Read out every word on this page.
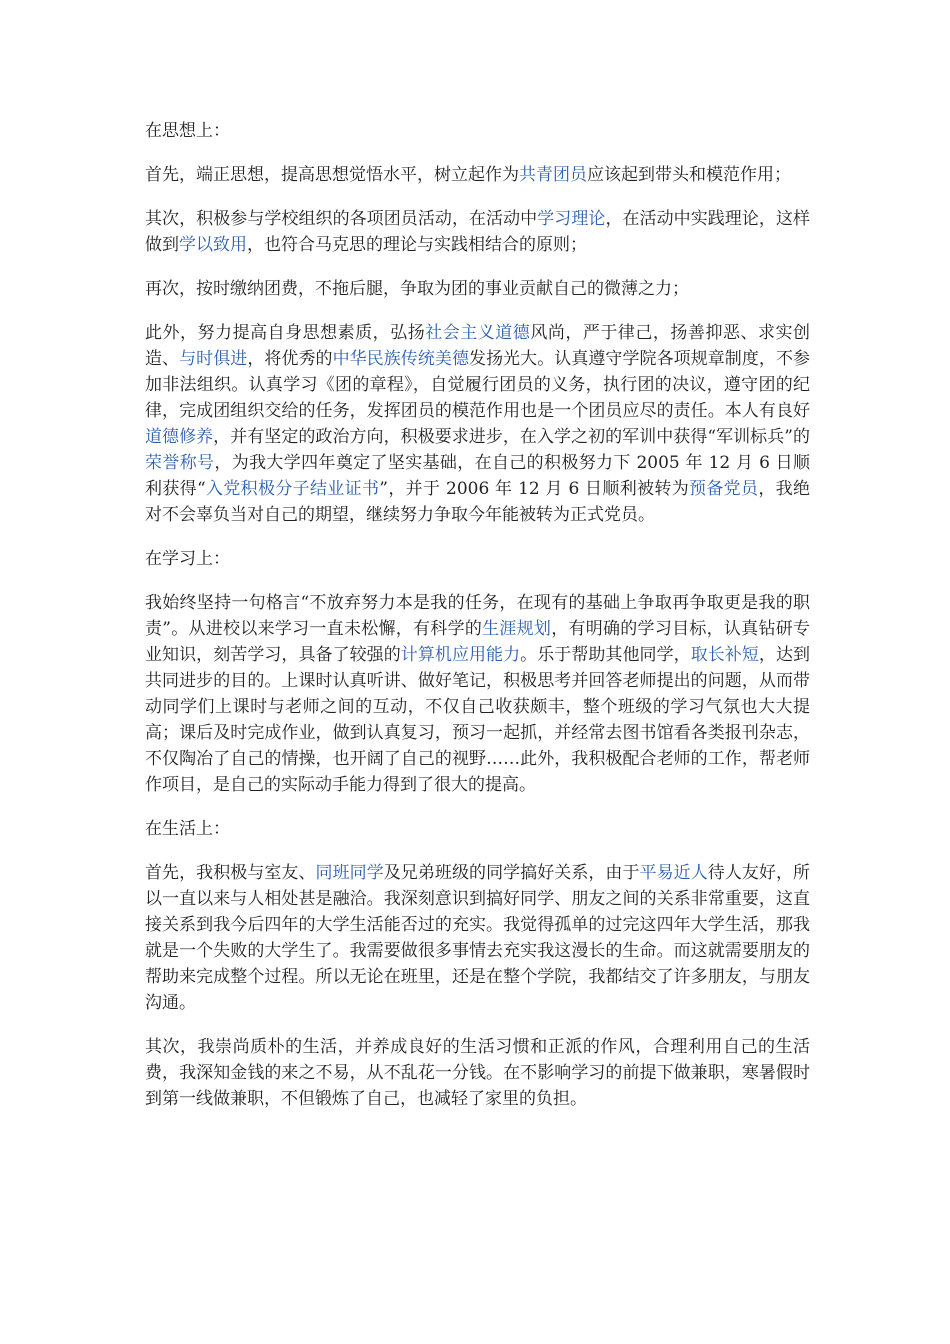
在思想上：

首先，端正思想，提高思想觉悟水平，树立起作为共青团员应该起到带头和模范作用；

其次，积极参与学校组织的各项团员活动，在活动中学习理论，在活动中实践理论，这样做到学以致用，也符合马克思的理论与实践相结合的原则；

再次，按时缴纳团费，不拖后腿，争取为团的事业贡献自己的微薄之力；

此外，努力提高自身思想素质，弘扬社会主义道德风尚，严于律己，扬善抑恶、求实创造、与时俱进，将优秀的中华民族传统美德发扬光大。认真遵守学院各项规章制度，不参加非法组织。认真学习《团的章程》，自觉履行团员的义务，执行团的决议，遵守团的纪律，完成团组织交给的任务，发挥团员的模范作用也是一个团员应尽的责任。本人有良好道德修养，并有坚定的政治方向，积极要求进步，在入学之初的军训中获得“军训标兵”的荣誉称号，为我大学四年奠定了坚实基础，在自己的积极努力下 2005 年 12 月 6 日顺利获得“入党积极分子结业证书”，并于 2006 年 12 月 6 日顺利被转为预备党员，我绝对不会辜负当对自己的期望，继续努力争取今年能被转为正式党员。

在学习上：

我始终坚持一句格言“不放弃努力本是我的任务，在现有的基础上争取再争取更是我的职责”。从进校以来学习一直未松懈，有科学的生涯规划，有明确的学习目标，认真钻研专业知识，刻苦学习，具备了较强的计算机应用能力。乐于帮助其他同学，取长补短，达到共同进步的目的。上课时认真听讲、做好笔记，积极思考并回答老师提出的问题，从而带动同学们上课时与老师之间的互动，不仅自己收获颇丰，整个班级的学习气氛也大大提高；课后及时完成作业，做到认真复习，预习一起抓，并经常去图书馆看各类报刊杂志，不仅陶冶了自己的情操，也开阔了自己的视野……此外，我积极配合老师的工作，帮老师作项目，是自己的实际动手能力得到了很大的提高。

在生活上：

首先，我积极与室友、同班同学及兄弟班级的同学搞好关系，由于平易近人待人友好，所以一直以来与人相处甚是融洽。我深刻意识到搞好同学、朋友之间的关系非常重要，这直接关系到我今后四年的大学生活能否过的充实。我觉得孤单的过完这四年大学生活，那我就是一个失败的大学生了。我需要做很多事情去充实我这漫长的生命。而这就需要朋友的帮助来完成整个过程。所以无论在班里，还是在整个学院，我都结交了许多朋友，与朋友沟通。

其次，我崇尚质朴的生活，并养成良好的生活习惯和正派的作风，合理利用自己的生活费，我深知金钱的来之不易，从不乱花一分钱。在不影响学习的前提下做兼职，寒暑假时到第一线做兼职，不但锻炼了自己，也减轻了家里的负担。
